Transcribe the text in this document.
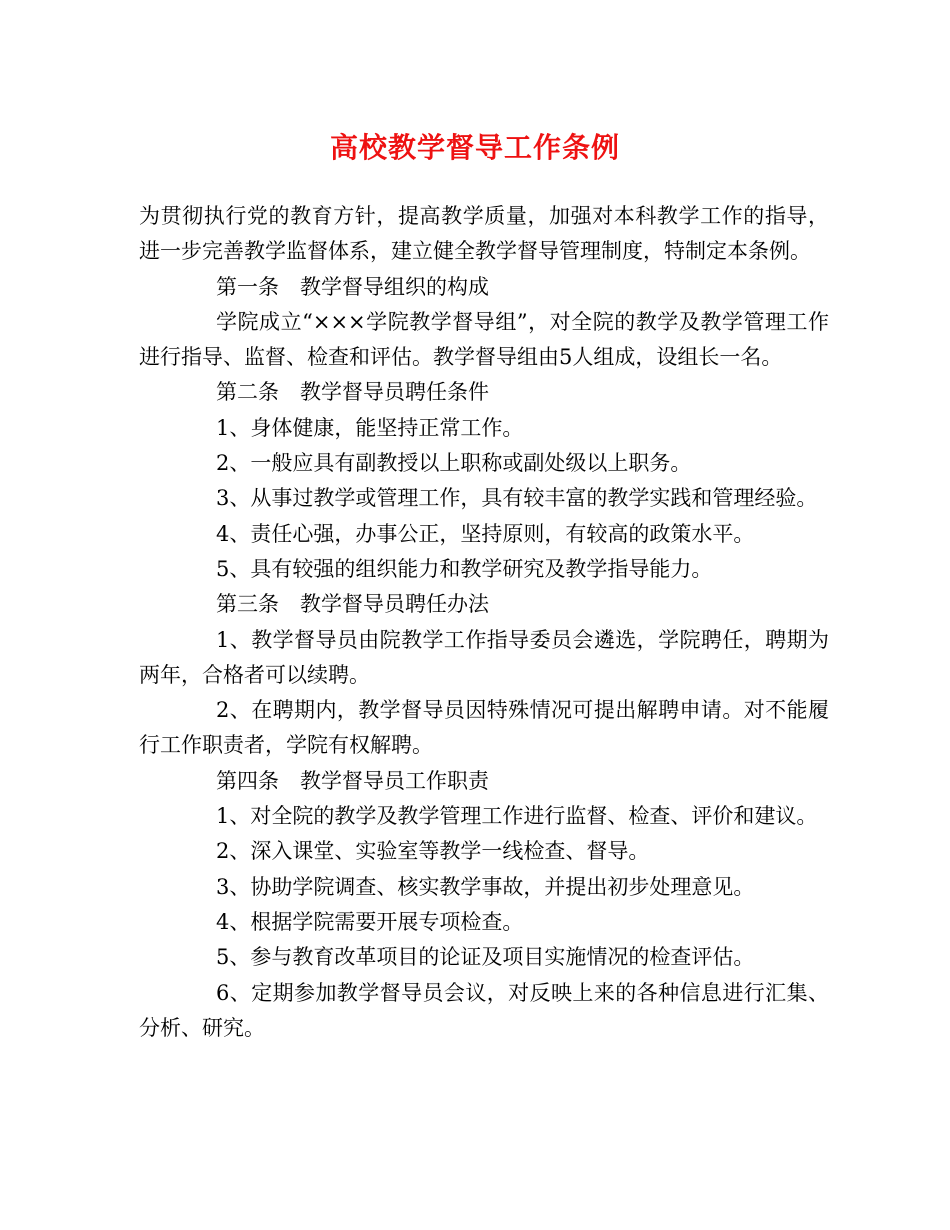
高校教学督导工作条例

为贯彻执行党的教育方针，提高教学质量，加强对本科教学工作的指导，进一步完善教学监督体系，建立健全教学督导管理制度，特制定本条例。

第一条　教学督导组织的构成

学院成立“×××学院教学督导组”，对全院的教学及教学管理工作进行指导、监督、检查和评估。教学督导组由5人组成，设组长一名。

第二条　教学督导员聘任条件

1、身体健康，能坚持正常工作。

2、一般应具有副教授以上职称或副处级以上职务。

3、从事过教学或管理工作，具有较丰富的教学实践和管理经验。

4、责任心强，办事公正，坚持原则，有较高的政策水平。

5、具有较强的组织能力和教学研究及教学指导能力。

第三条　教学督导员聘任办法

1、教学督导员由院教学工作指导委员会遴选，学院聘任，聘期为两年，合格者可以续聘。

2、在聘期内，教学督导员因特殊情况可提出解聘申请。对不能履行工作职责者，学院有权解聘。

第四条　教学督导员工作职责

1、对全院的教学及教学管理工作进行监督、检查、评价和建议。

2、深入课堂、实验室等教学一线检查、督导。

3、协助学院调查、核实教学事故，并提出初步处理意见。

4、根据学院需要开展专项检查。

5、参与教育改革项目的论证及项目实施情况的检查评估。

6、定期参加教学督导员会议，对反映上来的各种信息进行汇集、分析、研究。
